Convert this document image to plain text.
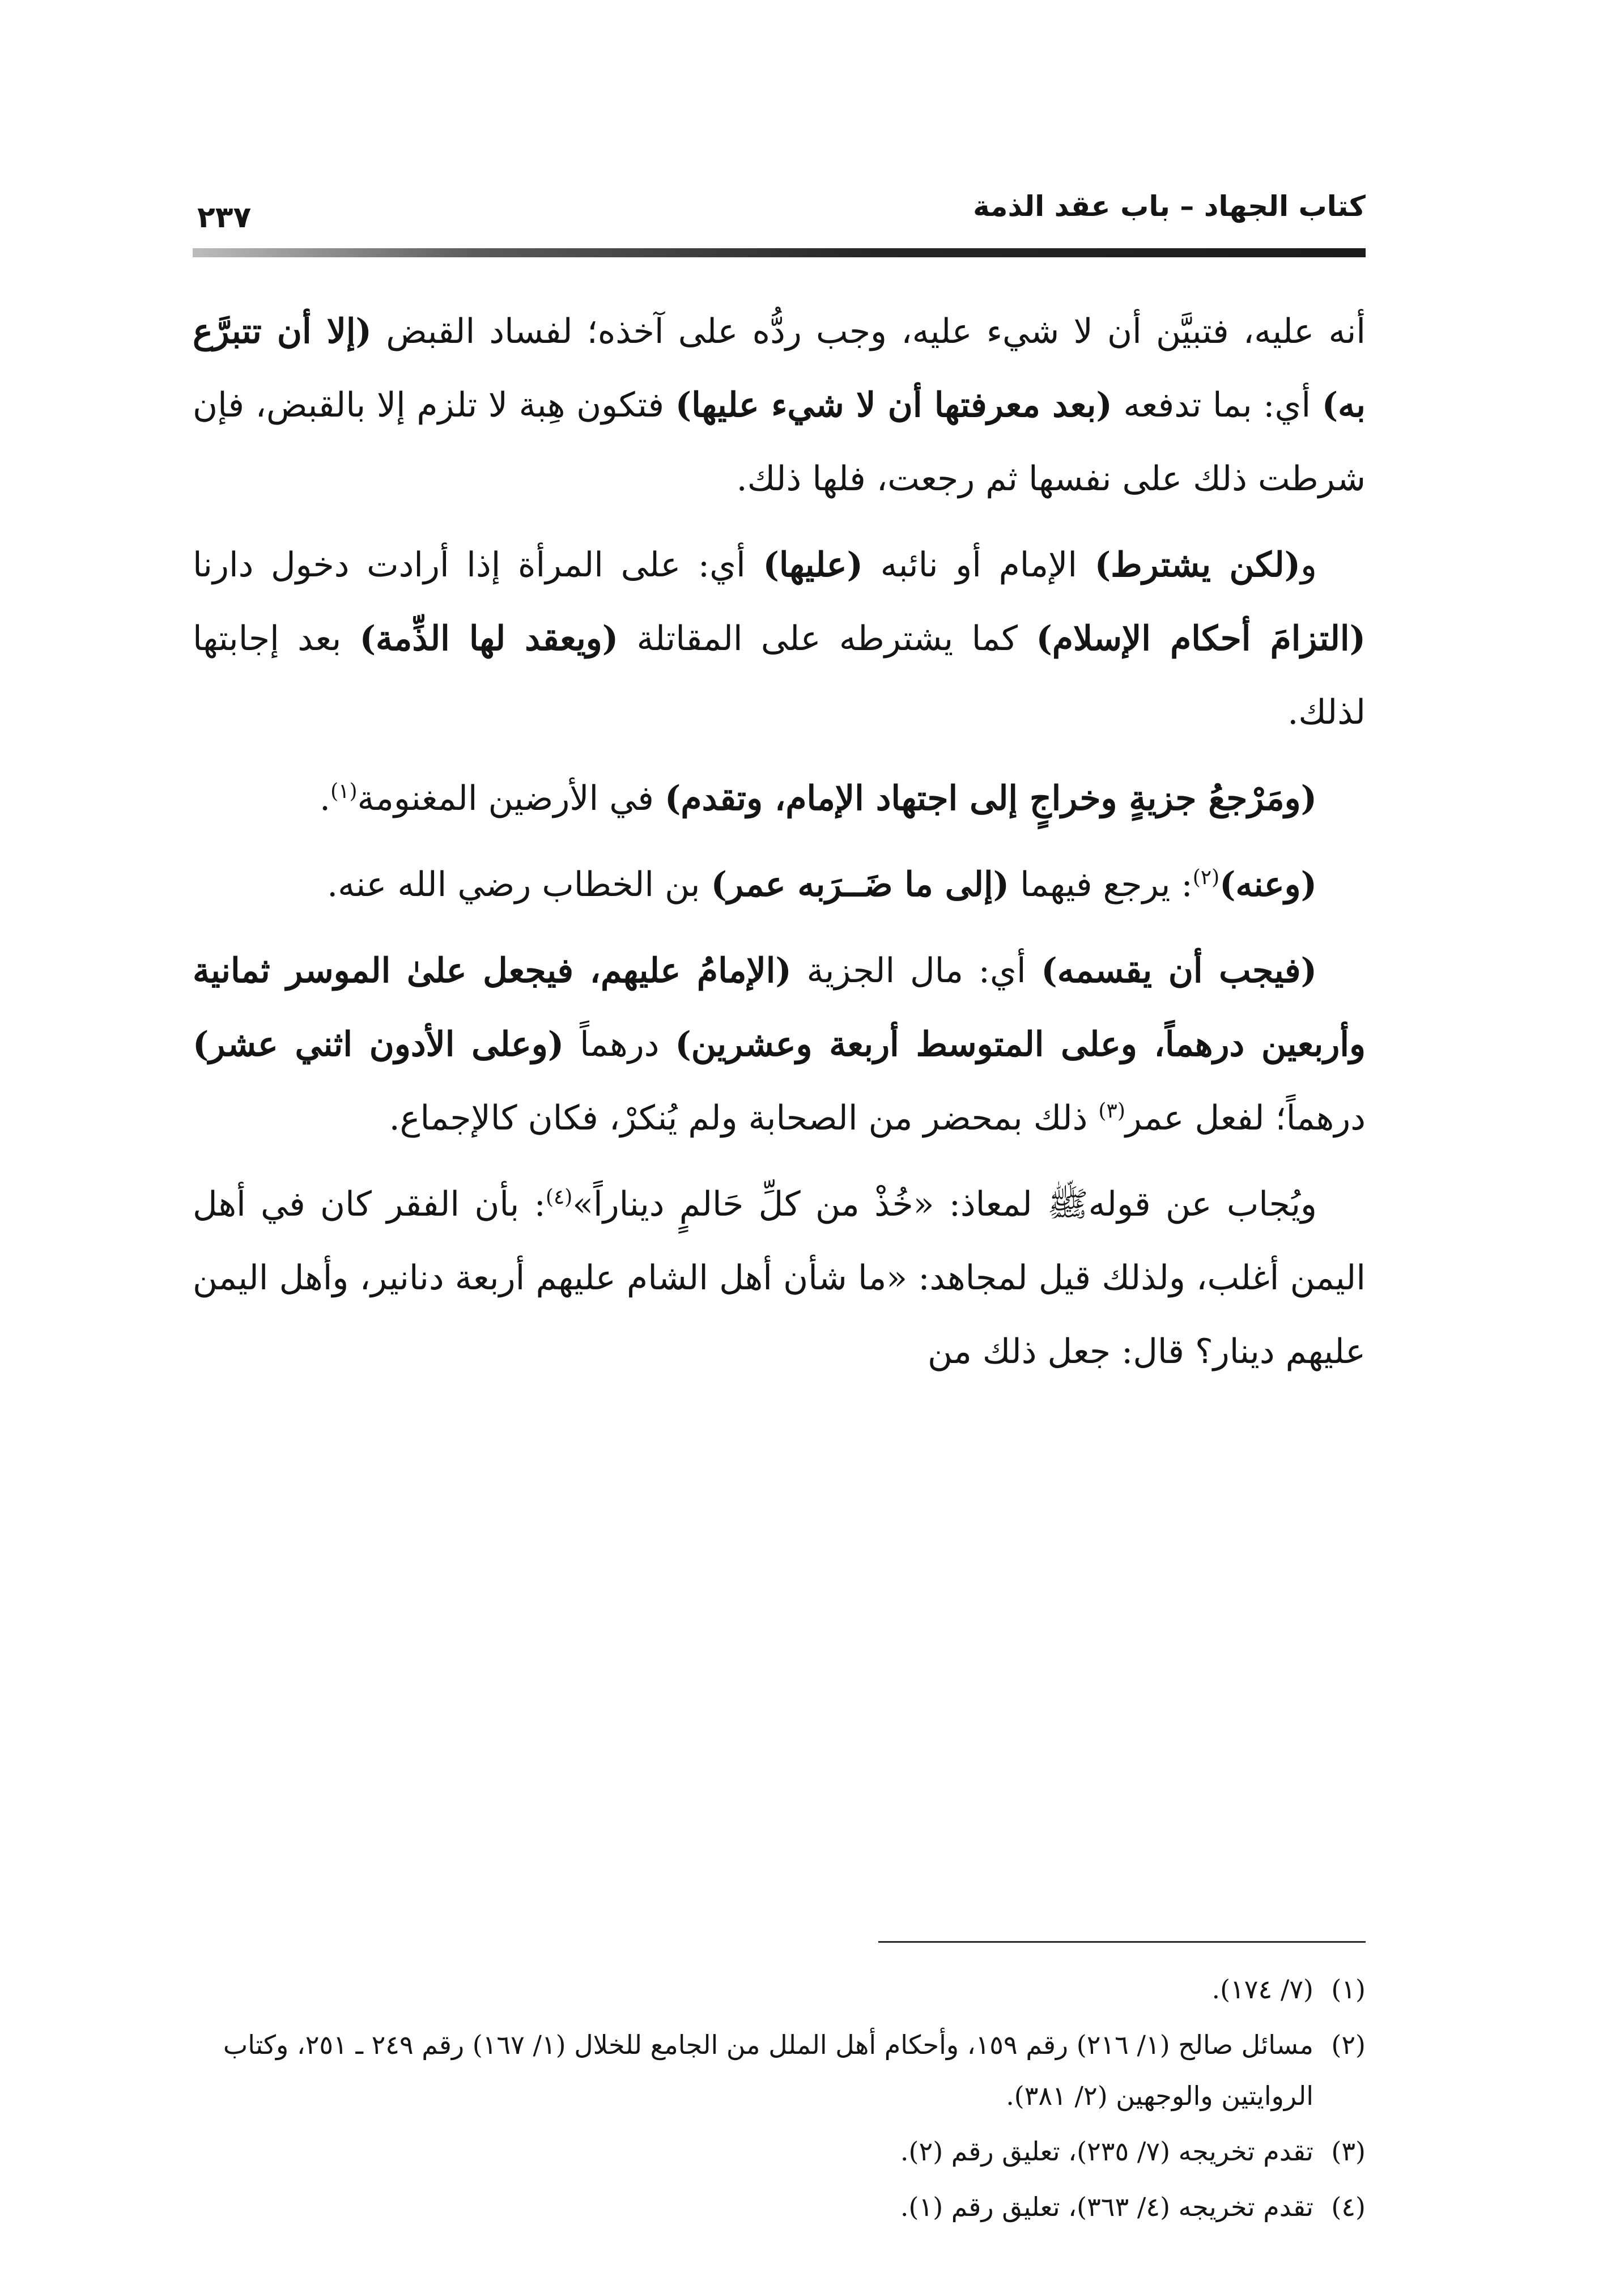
كتاب الجهاد – باب عقد الذمة
٢٣٧

أنه عليه، فتبيَّن أن لا شيء عليه، وجب ردُّه على آخذه؛ لفساد القبض (إلا أن تتبرَّع به) أي: بما تدفعه (بعد معرفتها أن لا شيء عليها) فتكون هِبة لا تلزم إلا بالقبض، فإن شرطت ذلك على نفسها ثم رجعت، فلها ذلك.

و(لكن يشترط) الإمام أو نائبه (عليها) أي: على المرأة إذا أرادت دخول دارنا (التزامَ أحكام الإسلام) كما يشترطه على المقاتلة (ويعقد لها الذِّمة) بعد إجابتها لذلك.

(ومَرْجعُ جزيةٍ وخراجٍ إلى اجتهاد الإمام، وتقدم) في الأرضين المغنومة$^{(١)}$.

(وعنه)$^{(٢)}$: يرجع فيهما (إلى ما ضَــرَبه عمر) بن الخطاب رضي الله عنه.

(فيجب أن يقسمه) أي: مال الجزية (الإمامُ عليهم، فيجعل علىٰ الموسر ثمانية وأربعين درهماً، وعلى المتوسط أربعة وعشرين) درهماً (وعلى الأدون اثني عشر) درهماً؛ لفعل عمر$^{(٣)}$ ذلك بمحضر من الصحابة ولم يُنكرْ، فكان كالإجماع.

ويُجاب عن قولهﷺ لمعاذ: «خُذْ من كلِّ حَالمٍ ديناراً»$^{(٤)}$: بأن الفقر كان في أهل اليمن أغلب، ولذلك قيل لمجاهد: «ما شأن أهل الشام عليهم أربعة دنانير، وأهل اليمن عليهم دينار؟ قال: جعل ذلك من

(١)
(٧/ ١٧٤).
(٢)
مسائل صالح (١/ ٢١٦) رقم ١٥٩، وأحكام أهل الملل من الجامع للخلال (١/ ١٦٧) رقم ٢٤٩ ـ ٢٥١، وكتاب الروايتين والوجهين (٢/ ٣٨١).
(٣)
تقدم تخريجه (٧/ ٢٣٥)، تعليق رقم (٢).
(٤)
تقدم تخريجه (٤/ ٣٦٣)، تعليق رقم (١).
